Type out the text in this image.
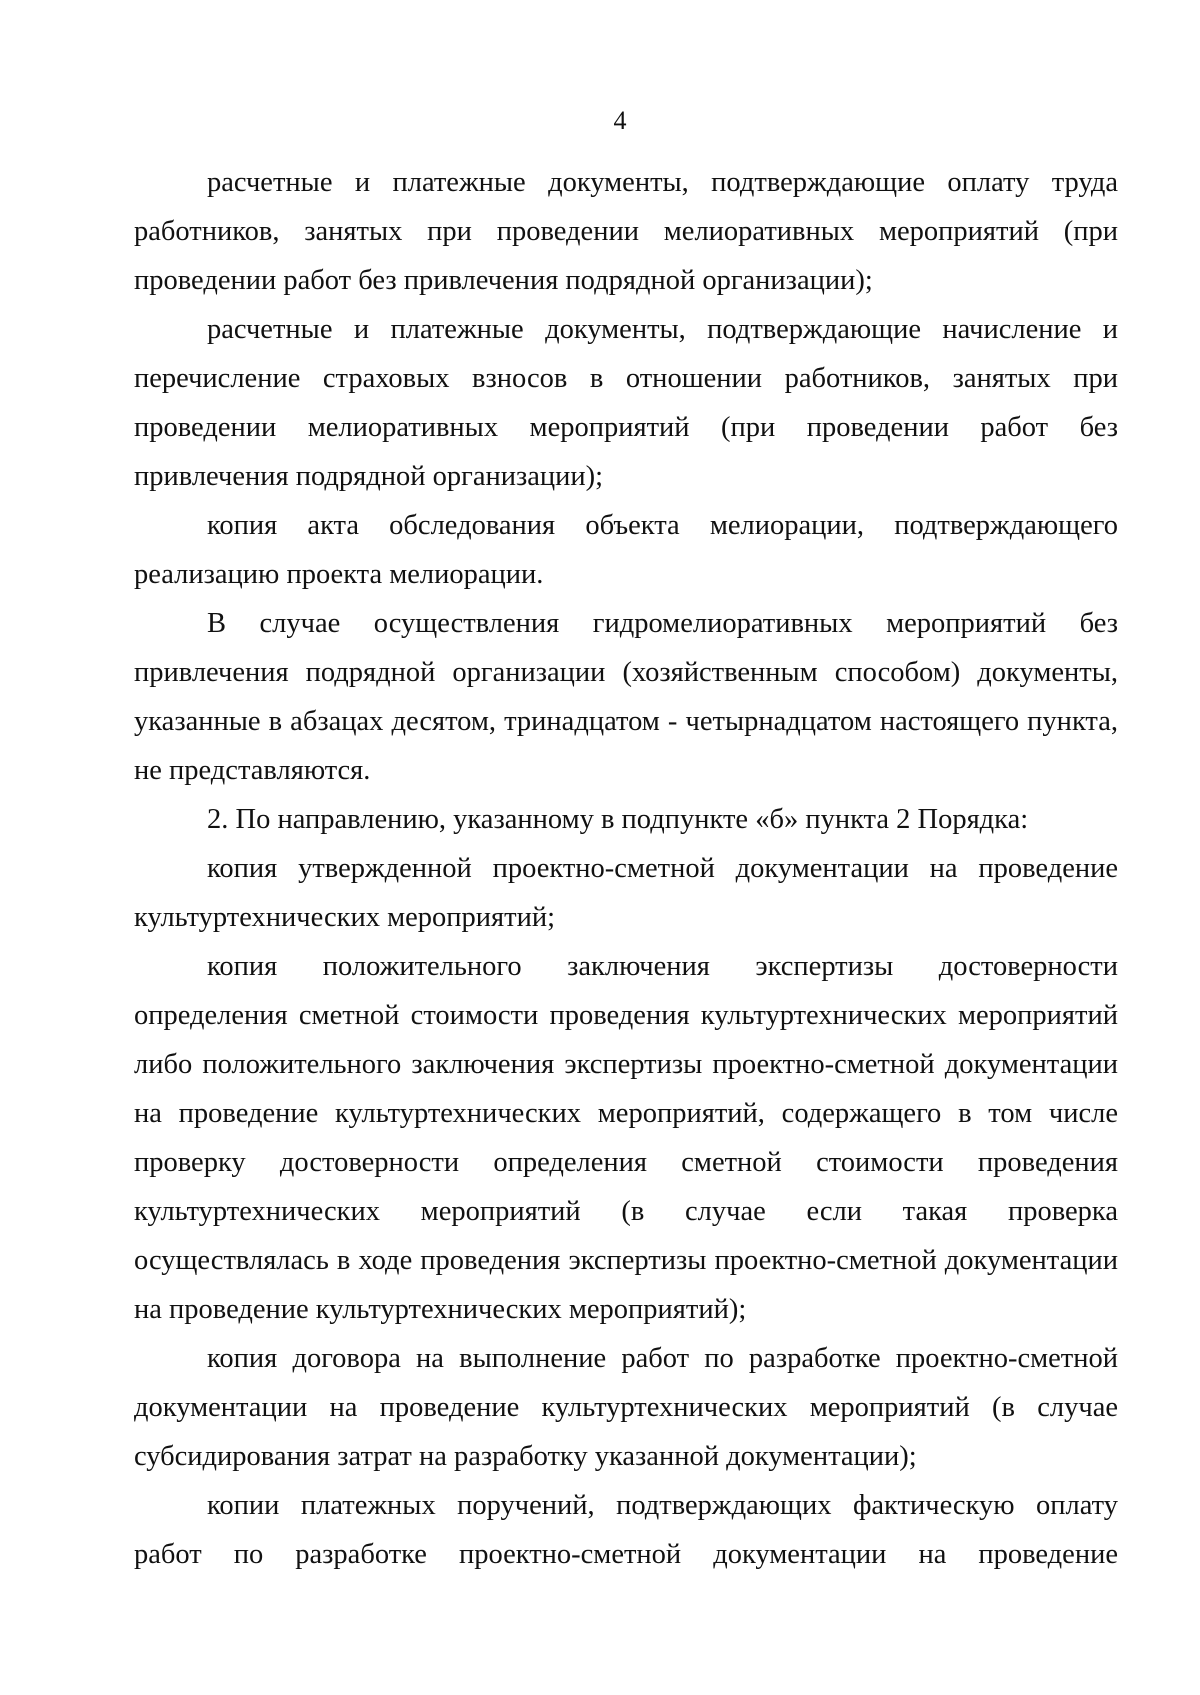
4

расчетные и платежные документы, подтверждающие оплату труда
работников, занятых при проведении мелиоративных мероприятий (при
проведении работ без привлечения подрядной организации);

расчетные и платежные документы, подтверждающие начисление и
перечисление страховых взносов в отношении работников, занятых при
проведении мелиоративных мероприятий (при проведении работ без
привлечения подрядной организации);

копия акта обследования объекта мелиорации, подтверждающего
реализацию проекта мелиорации.

В случае осуществления гидромелиоративных мероприятий без
привлечения подрядной организации (хозяйственным способом) документы,
указанные в абзацах десятом, тринадцатом - четырнадцатом настоящего пункта,
не представляются.

2. По направлению, указанному в подпункте «б» пункта 2 Порядка:

копия утвержденной проектно-сметной документации на проведение
культуртехнических мероприятий;

копия положительного заключения экспертизы достоверности
определения сметной стоимости проведения культуртехнических мероприятий
либо положительного заключения экспертизы проектно-сметной документации
на проведение культуртехнических мероприятий, содержащего в том числе
проверку достоверности определения сметной стоимости проведения
культуртехнических мероприятий (в случае если такая проверка
осуществлялась в ходе проведения экспертизы проектно-сметной документации
на проведение культуртехнических мероприятий);

копия договора на выполнение работ по разработке проектно-сметной
документации на проведение культуртехнических мероприятий (в случае
субсидирования затрат на разработку указанной документации);

копии платежных поручений, подтверждающих фактическую оплату
работ по разработке проектно-сметной документации на проведение
